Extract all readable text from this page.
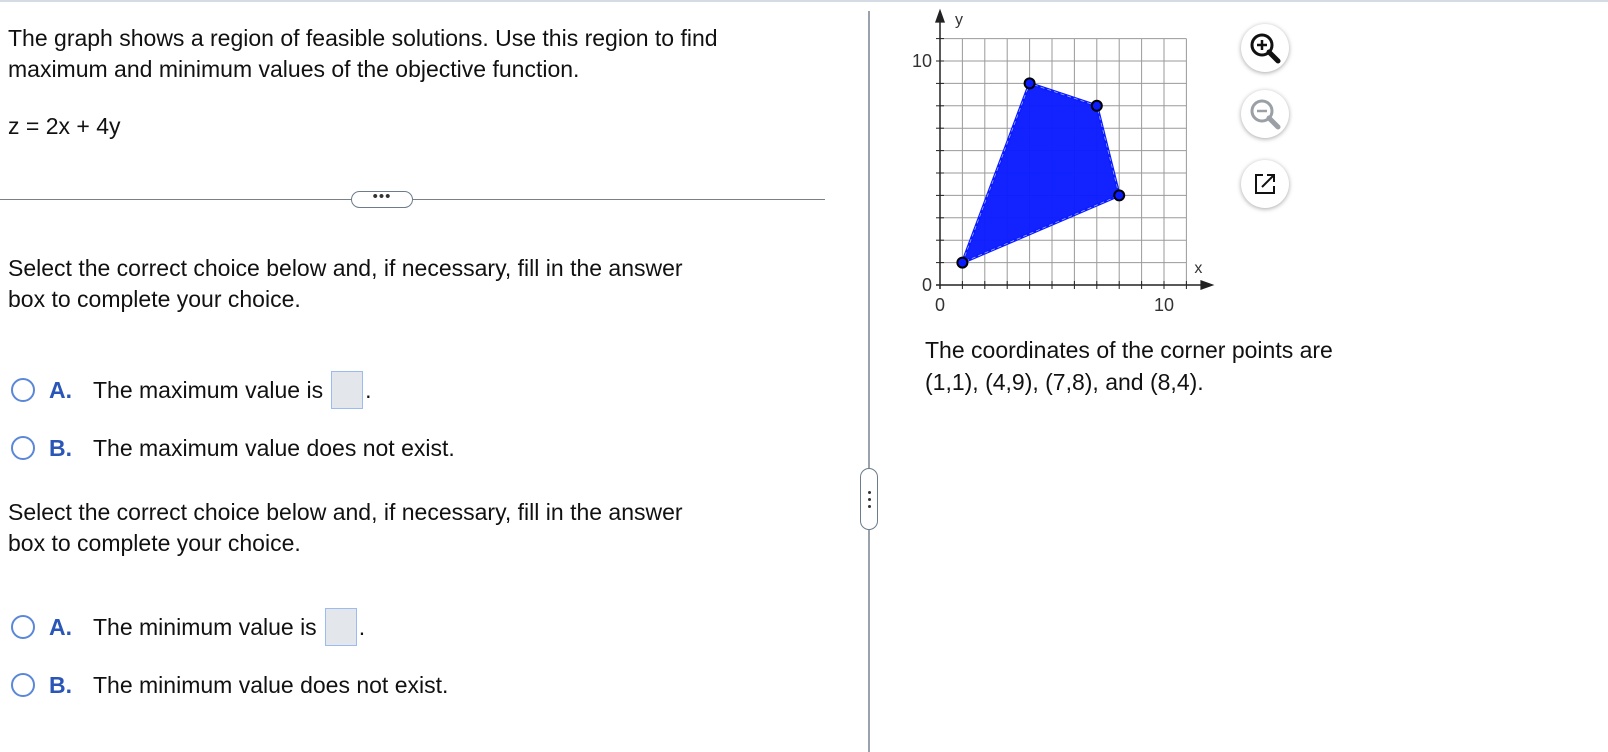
The graph shows a region of feasible solutions. Use this region to find
maximum and minimum values of the objective function.
z = 2x + 4y
•••
Select the correct choice below and, if necessary, fill in the answer
box to complete your choice.
A. The maximum value is .
B. The maximum value does not exist.
Select the correct choice below and, if necessary, fill in the answer
box to complete your choice.
A. The minimum value is .
B. The minimum value does not exist.
x
y
0	10
0
10
The coordinates of the corner points are
(1,1), (4,9), (7,8), and (8,4).
